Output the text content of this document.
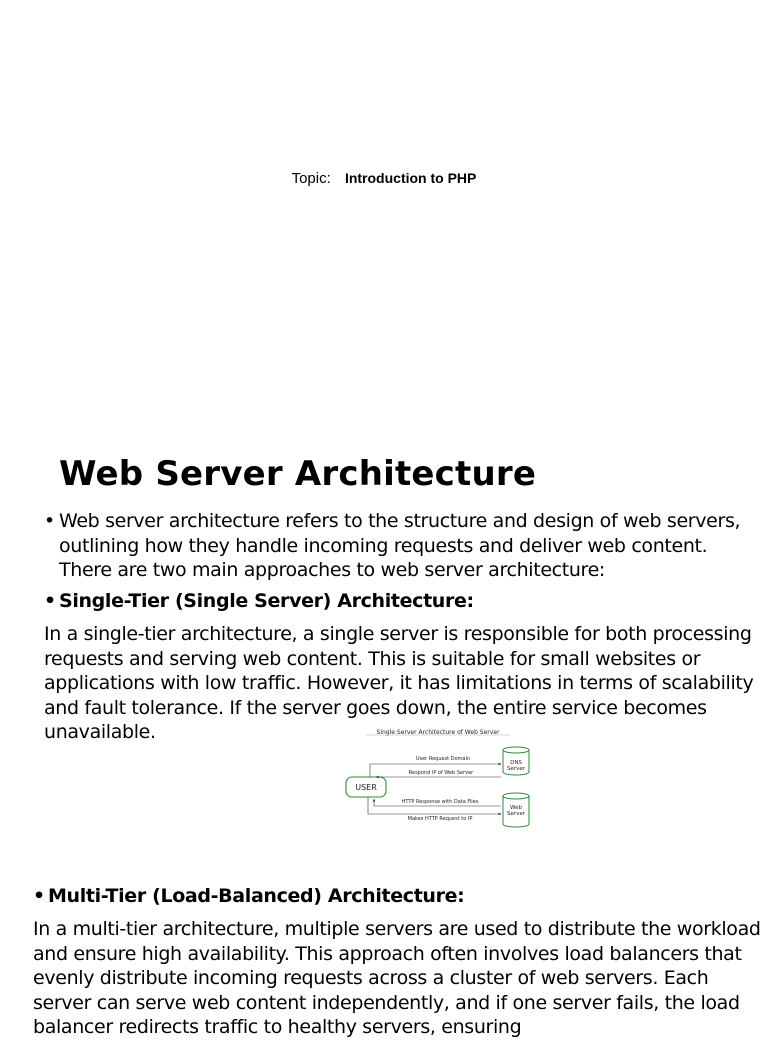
Topic: Introduction to PHP
Web Server Architecture
• Web server architecture refers to the structure and design of web servers, outlining how they handle incoming requests and deliver web content. There are two main approaches to web server architecture:
• Single-Tier (Single Server) Architecture:

In a single-tier architecture, a single server is responsible for both processing requests and serving web content. This is suitable for small websites or applications with low traffic. However, it has limitations in terms of scalability and fault tolerance. If the server goes down, the entire service becomes unavailable.	Single Server Architecture of Web Server
DNS
Server
Web
Server
USER
User Request Domain
Respond IP of Web Server
HTTP Response with Data Files
Makes HTTP Request to IP
• Multi-Tier (Load-Balanced) Architecture:

In a multi-tier architecture, multiple servers are used to distribute the workload and ensure high availability. This approach often involves load balancers that evenly distribute incoming requests across a cluster of web servers. Each server can serve web content independently, and if one server fails, the load balancer redirects traffic to healthy servers, ensuring
